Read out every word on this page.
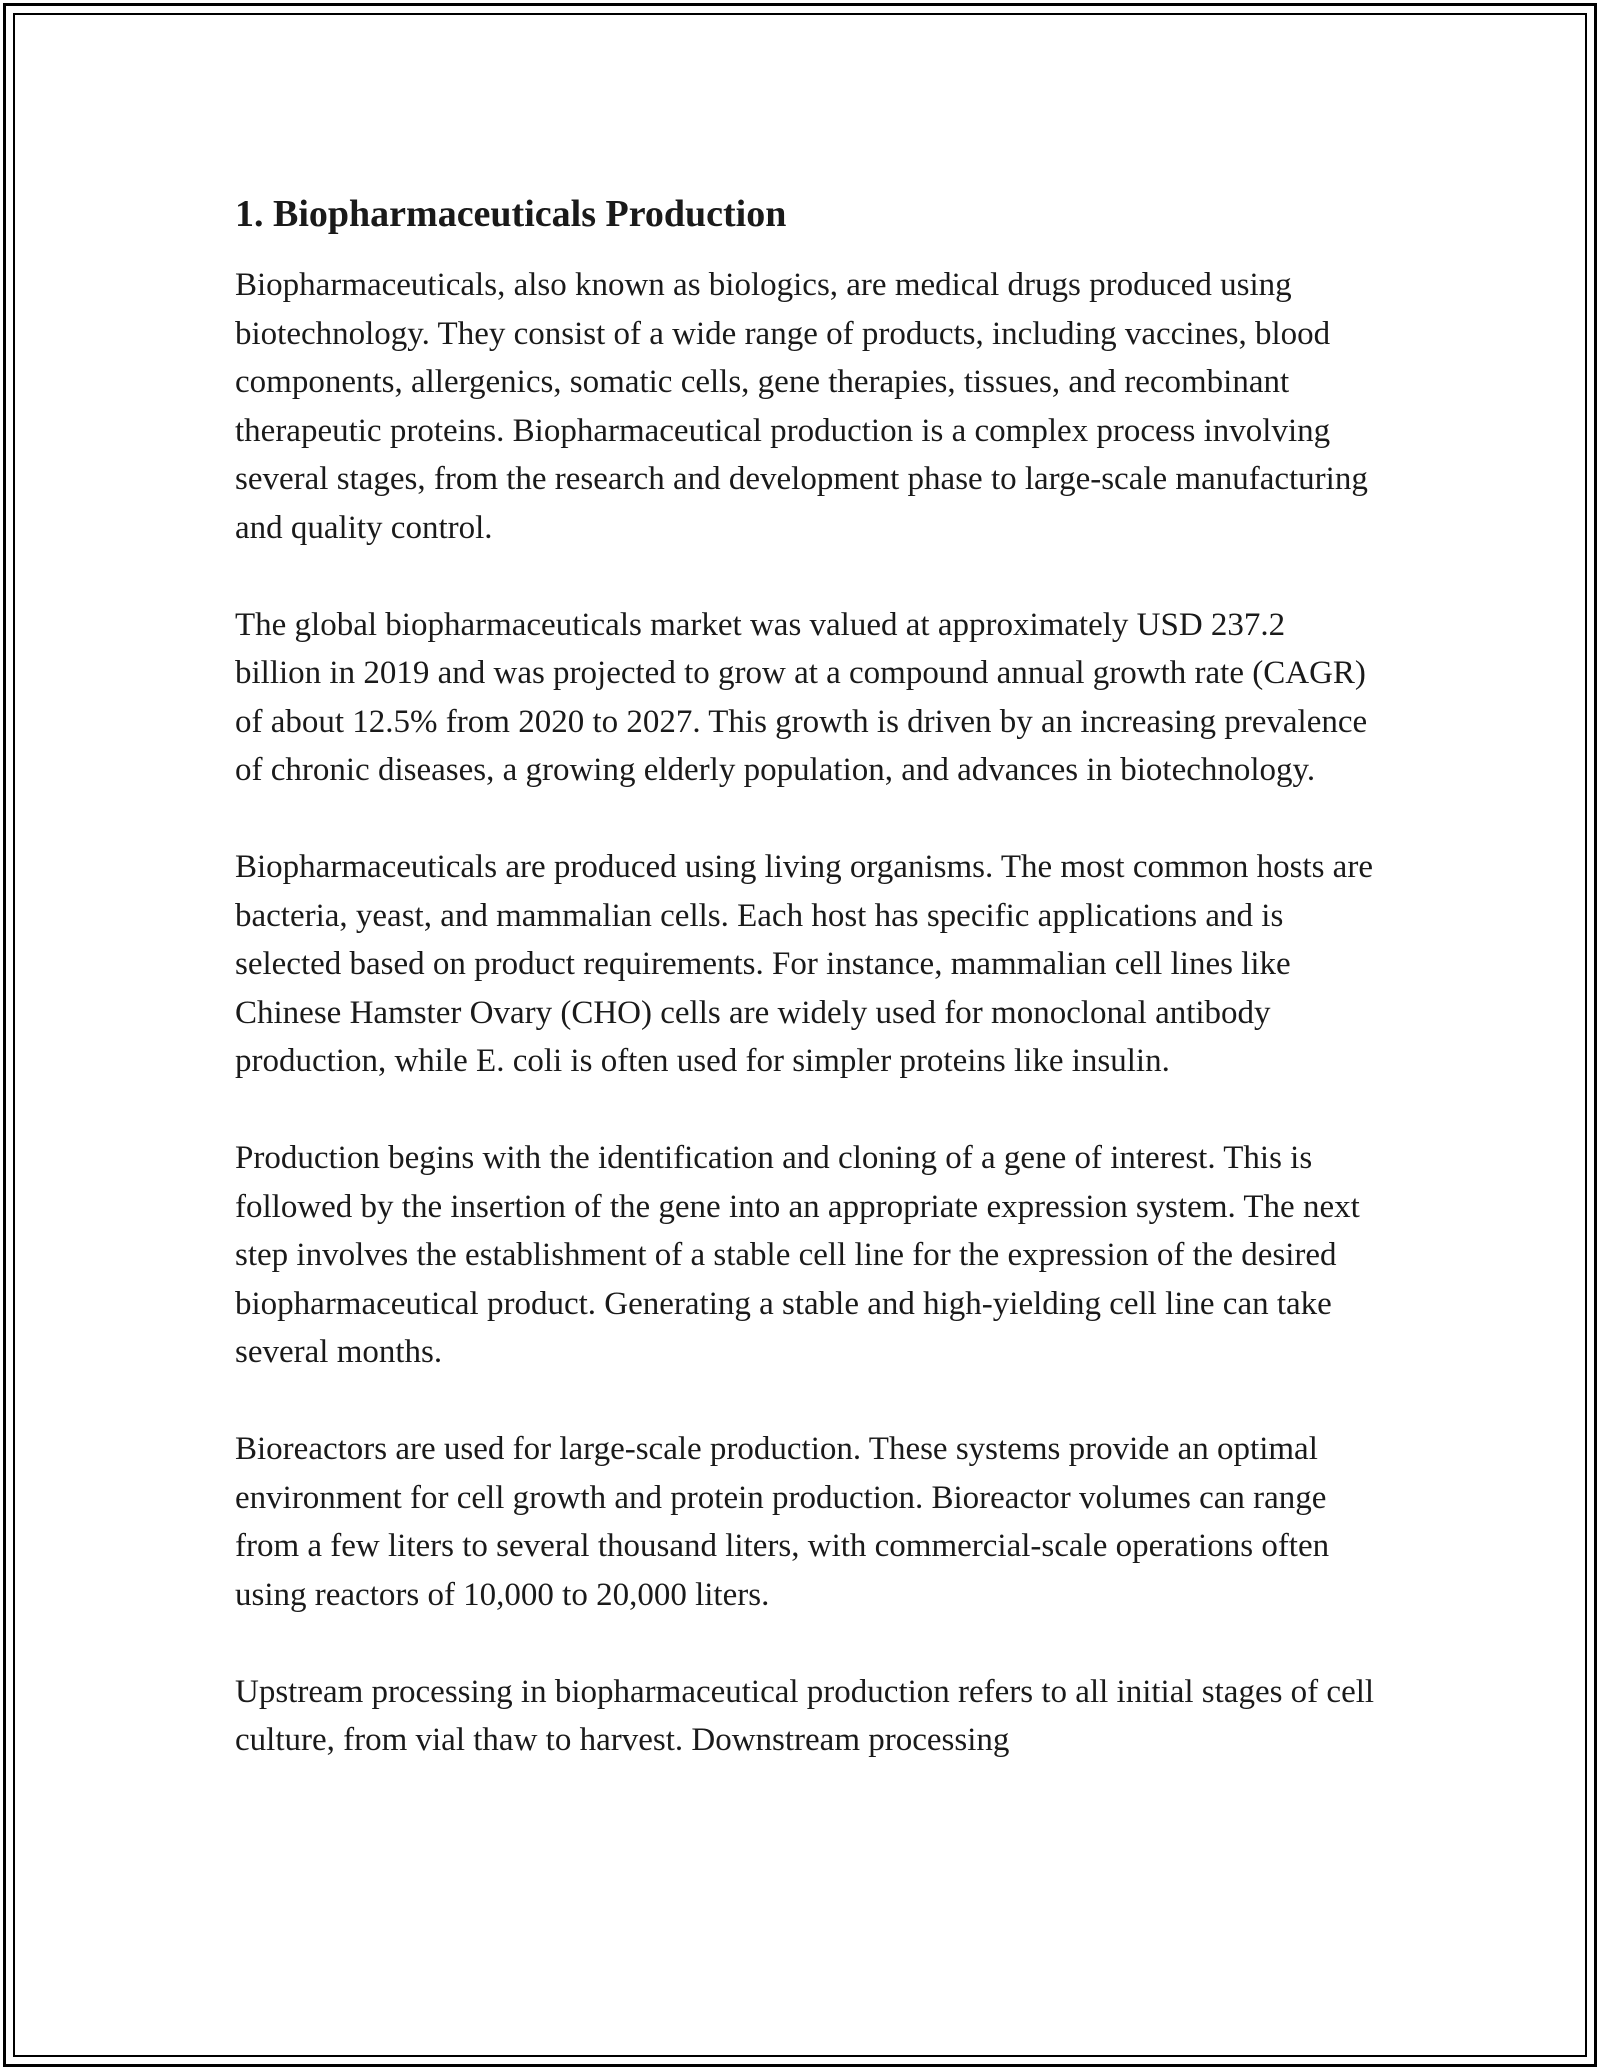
1. Biopharmaceuticals Production

Biopharmaceuticals, also known as biologics, are medical drugs produced using biotechnology. They consist of a wide range of products, including vaccines, blood components, allergenics, somatic cells, gene therapies, tissues, and recombinant therapeutic proteins. Biopharmaceutical production is a complex process involving several stages, from the research and development phase to large-scale manufacturing and quality control.

The global biopharmaceuticals market was valued at approximately USD 237.2 billion in 2019 and was projected to grow at a compound annual growth rate (CAGR) of about 12.5% from 2020 to 2027. This growth is driven by an increasing prevalence of chronic diseases, a growing elderly population, and advances in biotechnology.

Biopharmaceuticals are produced using living organisms. The most common hosts are bacteria, yeast, and mammalian cells. Each host has specific applications and is selected based on product requirements. For instance, mammalian cell lines like Chinese Hamster Ovary (CHO) cells are widely used for monoclonal antibody production, while E. coli is often used for simpler proteins like insulin.

Production begins with the identification and cloning of a gene of interest. This is followed by the insertion of the gene into an appropriate expression system. The next step involves the establishment of a stable cell line for the expression of the desired biopharmaceutical product. Generating a stable and high-yielding cell line can take several months.

Bioreactors are used for large-scale production. These systems provide an optimal environment for cell growth and protein production. Bioreactor volumes can range from a few liters to several thousand liters, with commercial-scale operations often using reactors of 10,000 to 20,000 liters.

Upstream processing in biopharmaceutical production refers to all initial stages of cell culture, from vial thaw to harvest. Downstream processing
